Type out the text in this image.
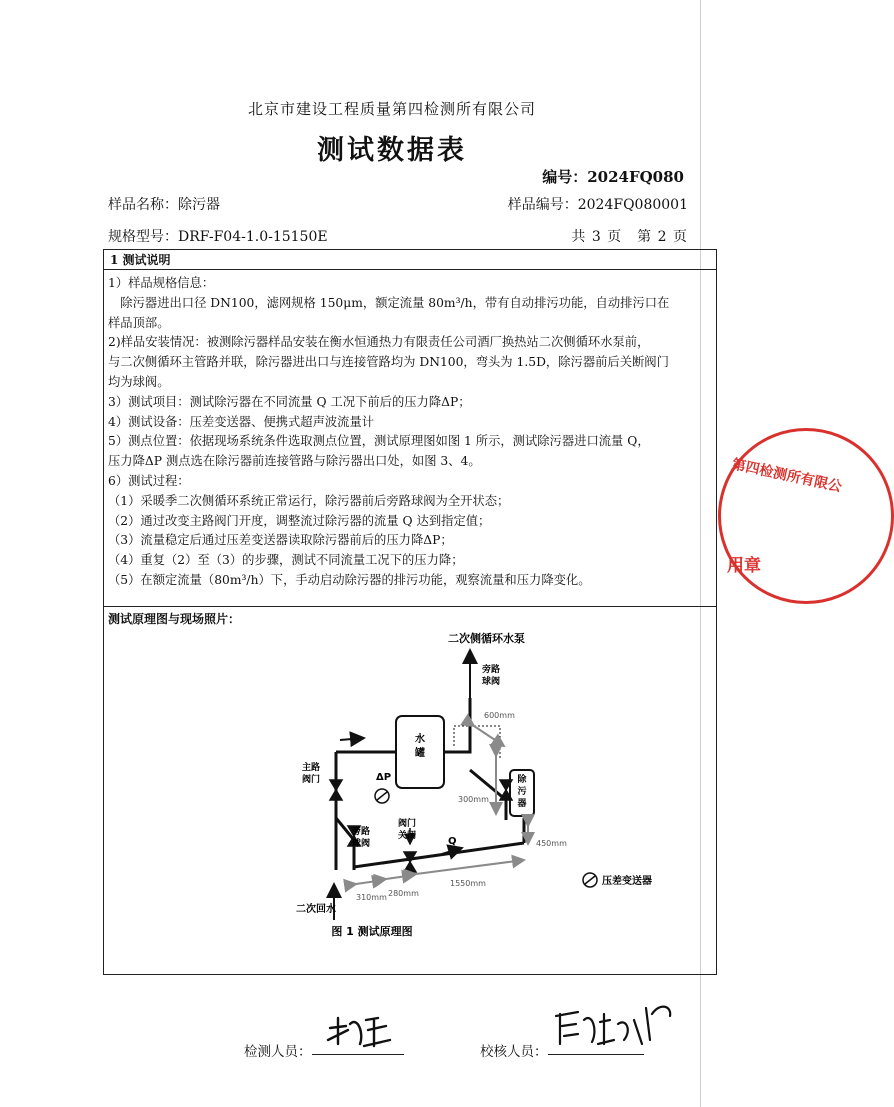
北京市建设工程质量第四检测所有限公司
测试数据表
编号：2024FQ080
样品名称：除污器	样品编号：2024FQ080001
规格型号：DRF-F04-1.0-15150E	共 3 页　第 2 页
1 测试说明

1）样品规格信息：

　除污器进出口径 DN100，滤网规格 150μm，额定流量 80m³/h，带有自动排污功能，自动排污口在

样品顶部。

2)样品安装情况：被测除污器样品安装在衡水恒通热力有限责任公司酒厂换热站二次侧循环水泵前，

与二次侧循环主管路并联，除污器进出口与连接管路均为 DN100，弯头为 1.5D，除污器前后关断阀门

均为球阀。

3）测试项目：测试除污器在不同流量 Q 工况下前后的压力降ΔP；

4）测试设备：压差变送器、便携式超声波流量计

5）测点位置：依据现场系统条件选取测点位置，测试原理图如图 1 所示，测试除污器进口流量 Q，

压力降ΔP 测点选在除污器前连接管路与除污器出口处，如图 3、4。

6）测试过程：

（1）采暖季二次侧循环系统正常运行，除污器前后旁路球阀为全开状态；

（2）通过改变主路阀门开度，调整流过除污器的流量 Q 达到指定值；

（3）流量稳定后通过压差变送器读取除污器前后的压力降ΔP；

（4）重复（2）至（3）的步骤，测试不同流量工况下的压力降；

（5）在额定流量（80m³/h）下，手动启动除污器的排污功能，观察流量和压力降变化。

测试原理图与现场照片：
水
罐
除
污
器
二次侧循环水泵
旁路
球阀
600mm
主路
阀门	ΔP
300mm
旁路
球阀
阀门
关闭	Q	450mm
二次回水
310mm 280mm
1550mm	压差变送器
图 1 测试原理图
检测人员：	校核人员：
第四检测所有限公
用章
